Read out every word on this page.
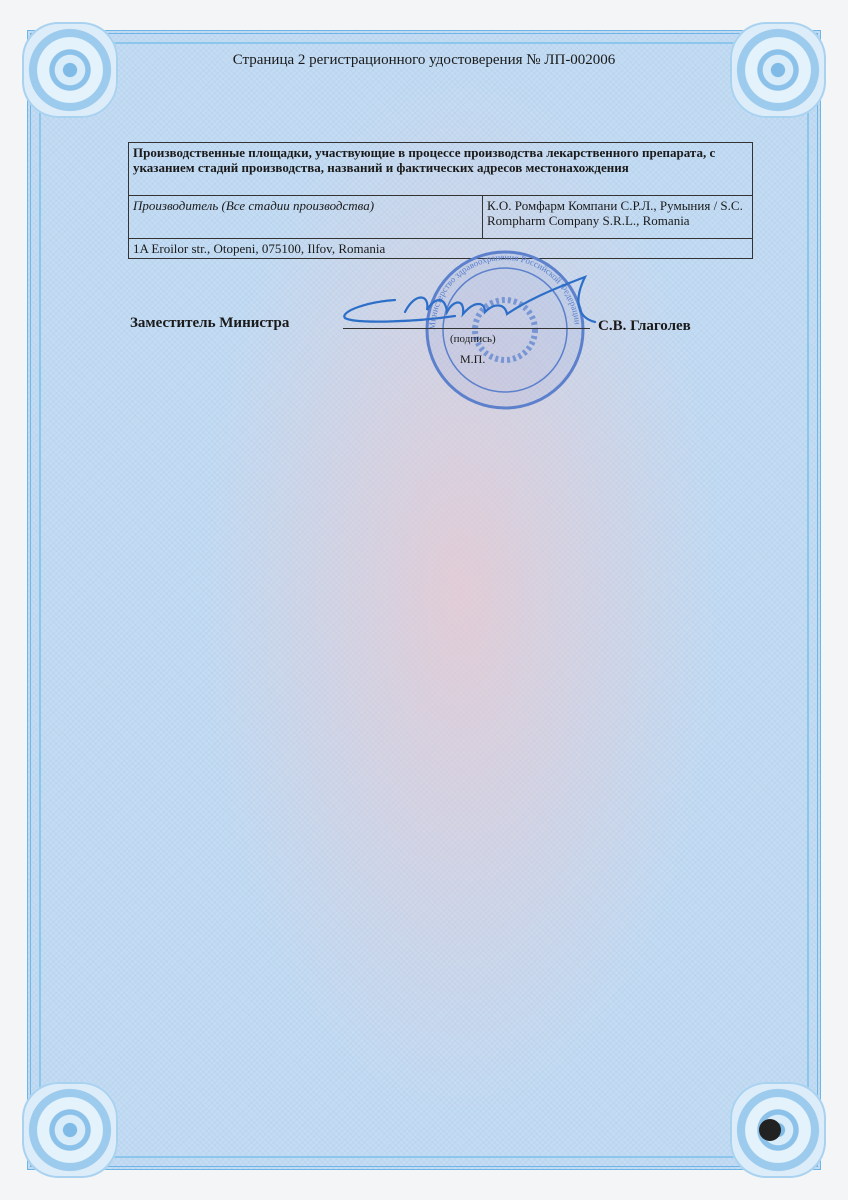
Страница 2 регистрационного удостоверения № ЛП-002006
Производственные площадки, участвующие в процессе производства лекарственного препарата, с указанием стадий производства, названий и фактических адресов местонахождения
Производитель (Все стадии производства)	К.О. Ромфарм Компани С.Р.Л., Румыния / S.C. Rompharm Company S.R.L., Romania
1A Eroilor str., Otopeni, 075100, Ilfov, Romania
Министерство здравоохранения Российской Федерации
Заместитель Министра
(подпись)
М.П.
С.В. Глаголев
